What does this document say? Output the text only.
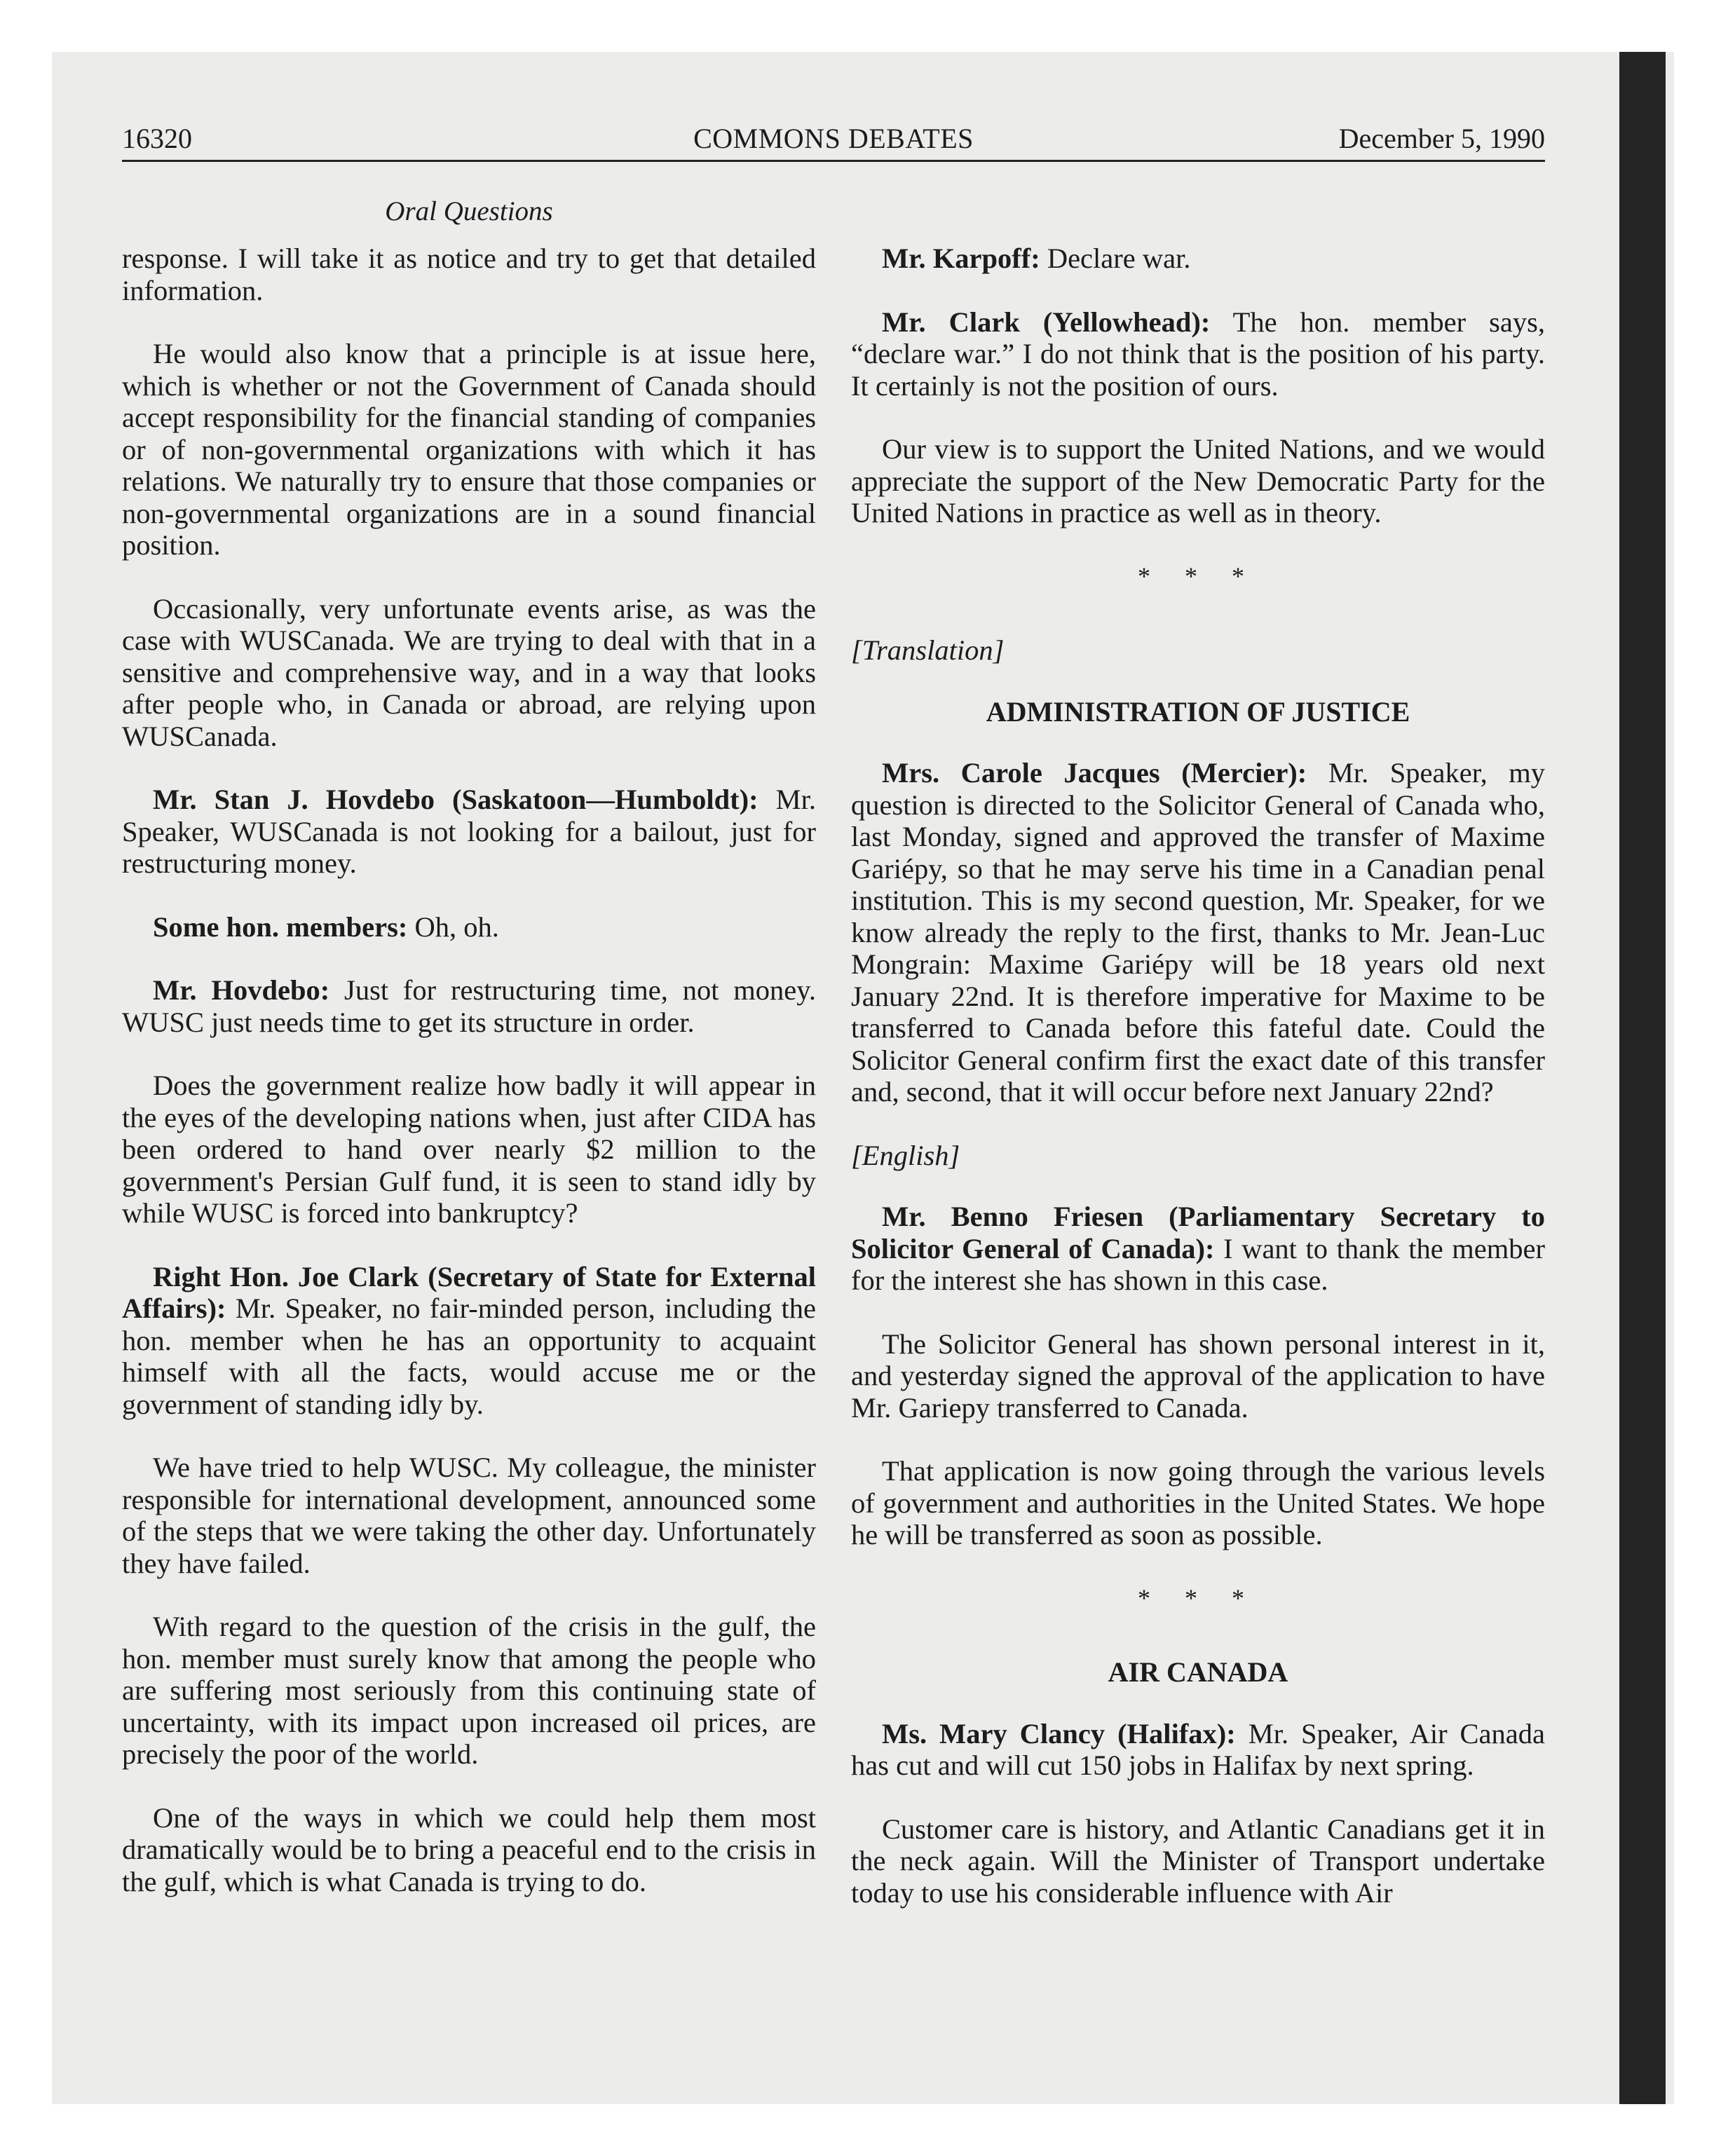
16320	COMMONS DEBATES	December 5, 1990
Oral Questions

response. I will take it as notice and try to get that detailed information.

He would also know that a principle is at issue here, which is whether or not the Government of Canada should accept responsibility for the financial standing of companies or of non-governmental organizations with which it has relations. We naturally try to ensure that those companies or non-governmental organizations are in a sound financial position.

Occasionally, very unfortunate events arise, as was the case with WUSCanada. We are trying to deal with that in a sensitive and comprehensive way, and in a way that looks after people who, in Canada or abroad, are relying upon WUSCanada.

Mr. Stan J. Hovdebo (Saskatoon—Humboldt): Mr. Speaker, WUSCanada is not looking for a bailout, just for restructuring money.

Some hon. members: Oh, oh.

Mr. Hovdebo: Just for restructuring time, not money. WUSC just needs time to get its structure in order.

Does the government realize how badly it will appear in the eyes of the developing nations when, just after CIDA has been ordered to hand over nearly $2 million to the government's Persian Gulf fund, it is seen to stand idly by while WUSC is forced into bankruptcy?

Right Hon. Joe Clark (Secretary of State for External Affairs): Mr. Speaker, no fair-minded person, including the hon. member when he has an opportunity to acquaint himself with all the facts, would accuse me or the government of standing idly by.

We have tried to help WUSC. My colleague, the minister responsible for international development, announced some of the steps that we were taking the other day. Unfortunately they have failed.

With regard to the question of the crisis in the gulf, the hon. member must surely know that among the people who are suffering most seriously from this continuing state of uncertainty, with its impact upon increased oil prices, are precisely the poor of the world.

One of the ways in which we could help them most dramatically would be to bring a peaceful end to the crisis in the gulf, which is what Canada is trying to do.

Mr. Karpoff: Declare war.

Mr. Clark (Yellowhead): The hon. member says, “declare war.” I do not think that is the position of his party. It certainly is not the position of ours.

Our view is to support the United Nations, and we would appreciate the support of the New Democratic Party for the United Nations in practice as well as in theory.

* * *
[Translation]
ADMINISTRATION OF JUSTICE

Mrs. Carole Jacques (Mercier): Mr. Speaker, my question is directed to the Solicitor General of Canada who, last Monday, signed and approved the transfer of Maxime Gariépy, so that he may serve his time in a Canadian penal institution. This is my second question, Mr. Speaker, for we know already the reply to the first, thanks to Mr. Jean-Luc Mongrain: Maxime Gariépy will be 18 years old next January 22nd. It is therefore imperative for Maxime to be transferred to Canada before this fateful date. Could the Solicitor General confirm first the exact date of this transfer and, second, that it will occur before next January 22nd?

[English]

Mr. Benno Friesen (Parliamentary Secretary to Solicitor General of Canada): I want to thank the member for the interest she has shown in this case.

The Solicitor General has shown personal interest in it, and yesterday signed the approval of the application to have Mr. Gariepy transferred to Canada.

That application is now going through the various levels of government and authorities in the United States. We hope he will be transferred as soon as possible.

* * *
AIR CANADA

Ms. Mary Clancy (Halifax): Mr. Speaker, Air Canada has cut and will cut 150 jobs in Halifax by next spring.

Customer care is history, and Atlantic Canadians get it in the neck again. Will the Minister of Transport undertake today to use his considerable influence with Air
